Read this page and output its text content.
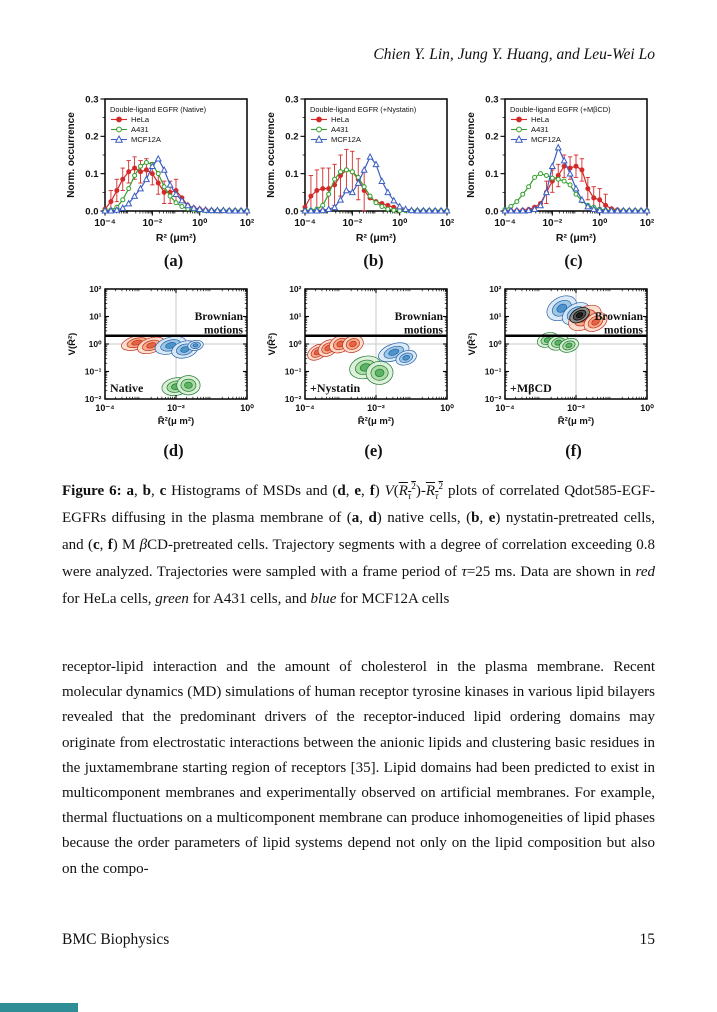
Chien Y. Lin, Jung Y. Huang, and Leu-Wei Lo
10⁻⁴	10⁻²	10⁰	10²
0.0
0.1
0.2
0.3
Norm. occurrence
R² (μm²)
Double-ligand EGFR (Native)
HeLa
A431
MCF12A
(a)
10⁻⁴	10⁻²	10⁰	10²
0.0
0.1
0.2
0.3
Norm. occurrence
R² (μm²)
Double-ligand EGFR (+Nystatin)
HeLa
A431
MCF12A
(b)
10⁻⁴	10⁻²	10⁰	10²
0.0
0.1
0.2
0.3
Norm. occurrence
R² (μm²)
Double-ligand EGFR (+MβCD)
HeLa
A431
MCF12A
(c)
10⁻⁴	10⁻²	10⁰
10²
10¹
10⁰
10⁻¹
10⁻²
V(R̄²)
R̄²(μ m²)
Brownian
motions
Native
(d)
10⁻⁴	10⁻²	10⁰
10²
10¹
10⁰
10⁻¹
10⁻²
V(R̄²)
R̄²(μ m²)
Brownian
motions
+Nystatin
(e)
10⁻⁴	10⁻²	10⁰
10²
10¹
10⁰
10⁻¹
10⁻²
V(R̄²)
R̄²(μ m²)
Brownian
motions
+MβCD
(f)

Figure 6: a, b, c Histograms of MSDs and (d, e, f) $V(\overline{R}_{\overline{\tau}}^2)-\overline{R}_{\overline{\tau}}^2$ plots of correlated Qdot585-EGF-EGFRs diffusing in the plasma membrane of (a, d) native cells, (b, e) nystatin-pretreated cells, and (c, f) M βCD-pretreated cells. Trajectory segments with a degree of correlation exceeding 0.8 were analyzed. Trajectories were sampled with a frame period of τ=25 ms. Data are shown in red for HeLa cells, green for A431 cells, and blue for MCF12A cells

receptor-lipid interaction and the amount of cholesterol in the plasma membrane. Recent molecular dynamics (MD) simulations of human receptor tyrosine kinases in various lipid bilayers revealed that the predominant drivers of the receptor-induced lipid ordering domains may originate from electrostatic interactions between the anionic lipids and clustering basic residues in the juxtamembrane starting region of receptors [35]. Lipid domains had been predicted to exist in multicomponent membranes and experimentally observed on artificial membranes. For example, thermal fluctuations on a multicomponent membrane can produce inhomogeneities of lipid phases because the order parameters of lipid systems depend not only on the lipid composition but also on the compo-

BMC Biophysics	15
